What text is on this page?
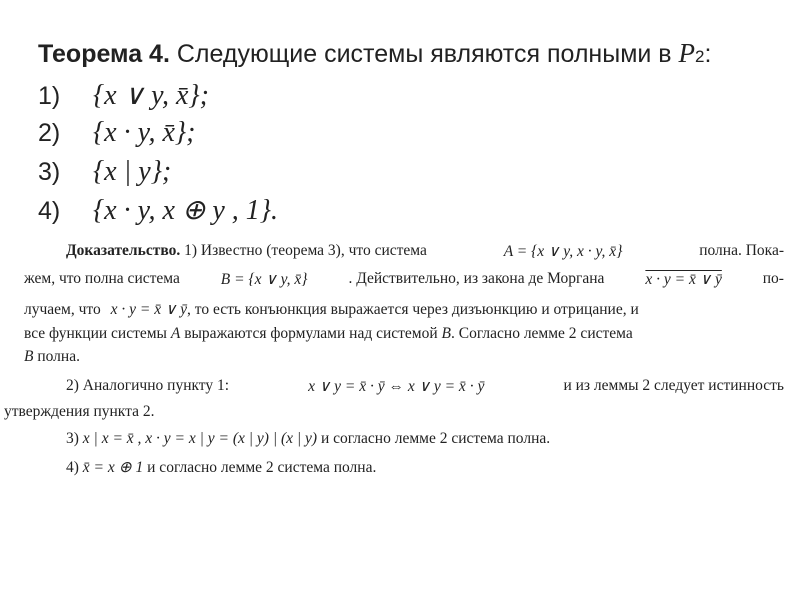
Теорема 4. Следующие системы являются полными в P2:
1) {x ∨ y, x̄};
2) {x · y, x̄};
3) {x | y};
4) {x · y, x ⊕ y , 1}.
Доказательство. 1) Известно (теорема 3), что система	A = {x ∨ y, x · y, x̄}	полна. Пока-
жем, что полна система	B = {x ∨ y, x̄}	. Действительно, из закона де Моргана	x · y = x̄ ∨ ȳ	по-
лучаем, что x · y = x̄ ∨ ȳ, то есть конъюнкция выражается через дизъюнкцию и отрицание, и
все функции системы A выражаются формулами над системой B. Согласно лемме 2 система
B полна.
2) Аналогично пункту 1:	x ∨ y = x̄ · ȳ ⇔ x ∨ y = x̄ · ȳ	и из леммы 2 следует истинность
утверждения пункта 2.
3) x | x = x̄ , x · y = x | y = (x | y) | (x | y) и согласно лемме 2 система полна.
4) x̄ = x ⊕ 1 и согласно лемме 2 система полна.
